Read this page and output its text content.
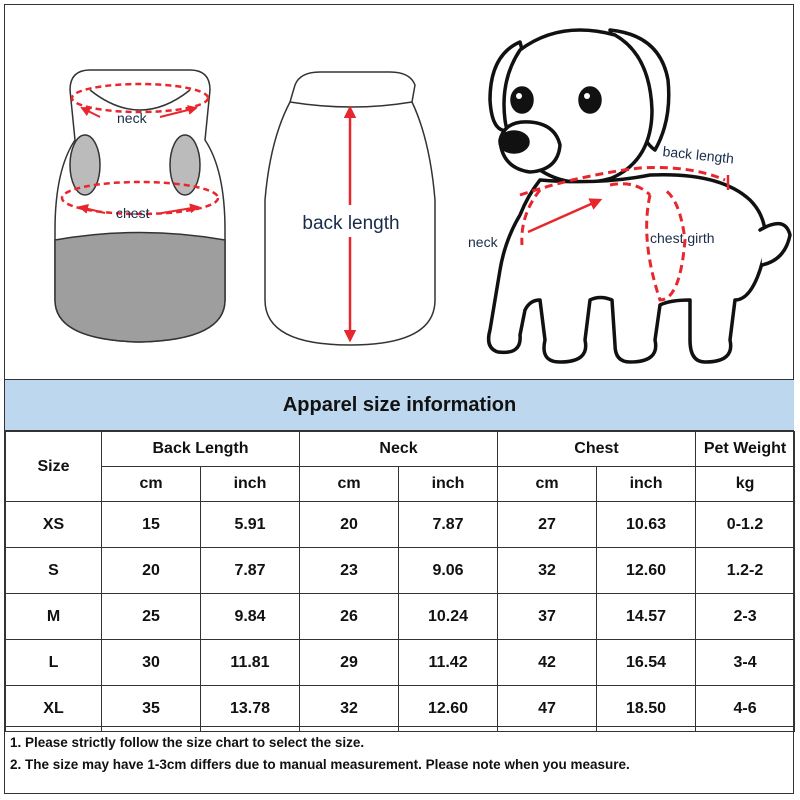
neck
chest	back length
back length
neck	chest girth
Apparel size information
Size	Back Length		Neck		Chest		Pet Weight
	cm	inch	cm	inch	cm	inch	kg
XS	15	5.91	20	7.87	27	10.63	0-1.2
S	20	7.87	23	9.06	32	12.60	1.2-2
M	25	9.84	26	10.24	37	14.57	2-3
L	30	11.81	29	11.42	42	16.54	3-4
XL	35	13.78	32	12.60	47	18.50	4-6
1. Please strictly follow the size chart to select the size.
2. The size may have 1-3cm differs due to manual measurement. Please note when you measure.
